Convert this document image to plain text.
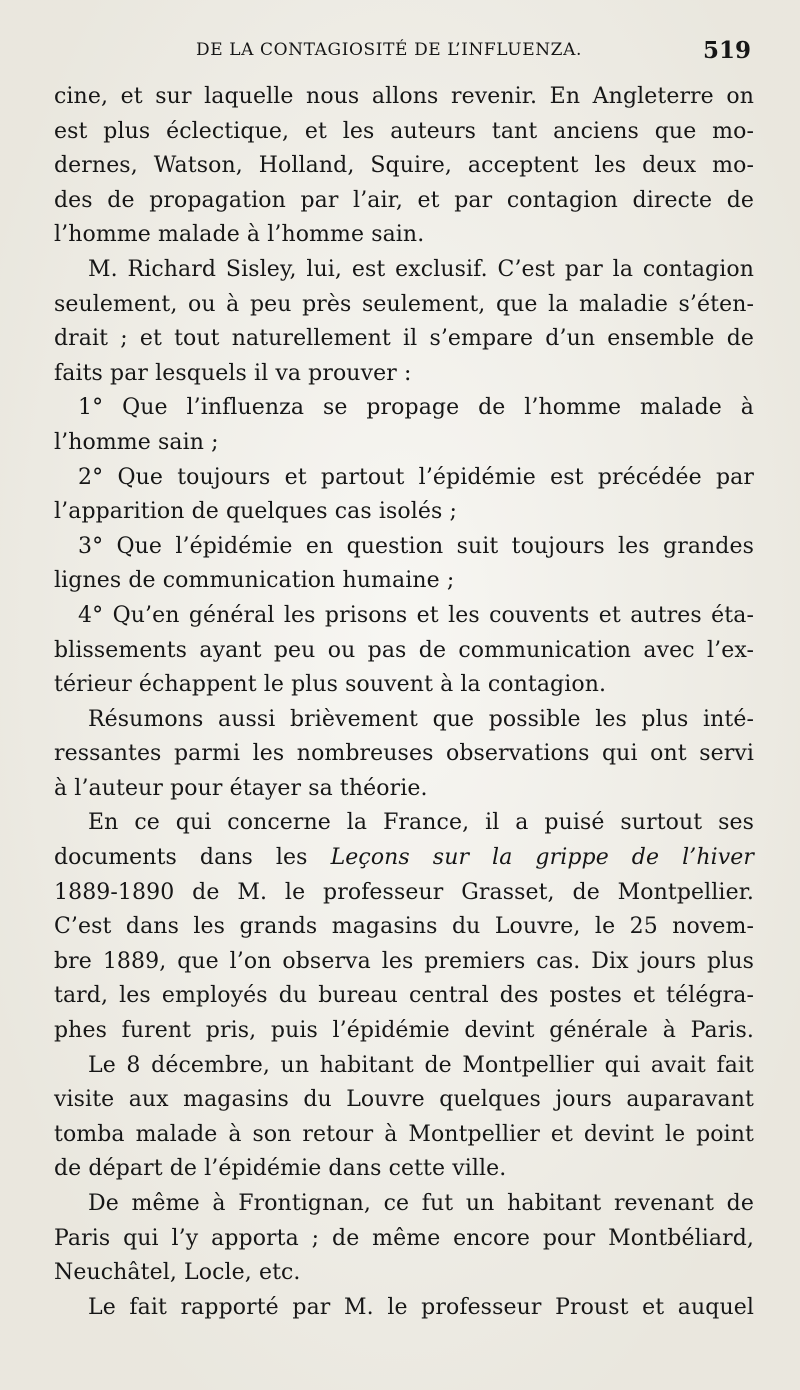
DE LA CONTAGIOSITÉ DE L’INFLUENZA.	519
cine, et sur laquelle nous allons revenir. En Angleterre on
est plus éclectique, et les auteurs tant anciens que mo-
dernes, Watson, Holland, Squire, acceptent les deux mo-
des de propagation par l’air, et par contagion directe de
l’homme malade à l’homme sain.
M. Richard Sisley, lui, est exclusif. C’est par la contagion
seulement, ou à peu près seulement, que la maladie s’éten-
drait ; et tout naturellement il s’empare d’un ensemble de
faits par lesquels il va prouver :
1° Que l’influenza se propage de l’homme malade à
l’homme sain ;
2° Que toujours et partout l’épidémie est précédée par
l’apparition de quelques cas isolés ;
3° Que l’épidémie en question suit toujours les grandes
lignes de communication humaine ;
4° Qu’en général les prisons et les couvents et autres éta-
blissements ayant peu ou pas de communication avec l’ex-
térieur échappent le plus souvent à la contagion.
Résumons aussi brièvement que possible les plus inté-
ressantes parmi les nombreuses observations qui ont servi
à l’auteur pour étayer sa théorie.
En ce qui concerne la France, il a puisé surtout ses
documents dans les Leçons sur la grippe de l’hiver
1889-1890 de M. le professeur Grasset, de Montpellier.
C’est dans les grands magasins du Louvre, le 25 novem-
bre 1889, que l’on observa les premiers cas. Dix jours plus
tard, les employés du bureau central des postes et télégra-
phes furent pris, puis l’épidémie devint générale à Paris.
Le 8 décembre, un habitant de Montpellier qui avait fait
visite aux magasins du Louvre quelques jours auparavant
tomba malade à son retour à Montpellier et devint le point
de départ de l’épidémie dans cette ville.
De même à Frontignan, ce fut un habitant revenant de
Paris qui l’y apporta ; de même encore pour Montbéliard,
Neuchâtel, Locle, etc.
Le fait rapporté par M. le professeur Proust et auquel
